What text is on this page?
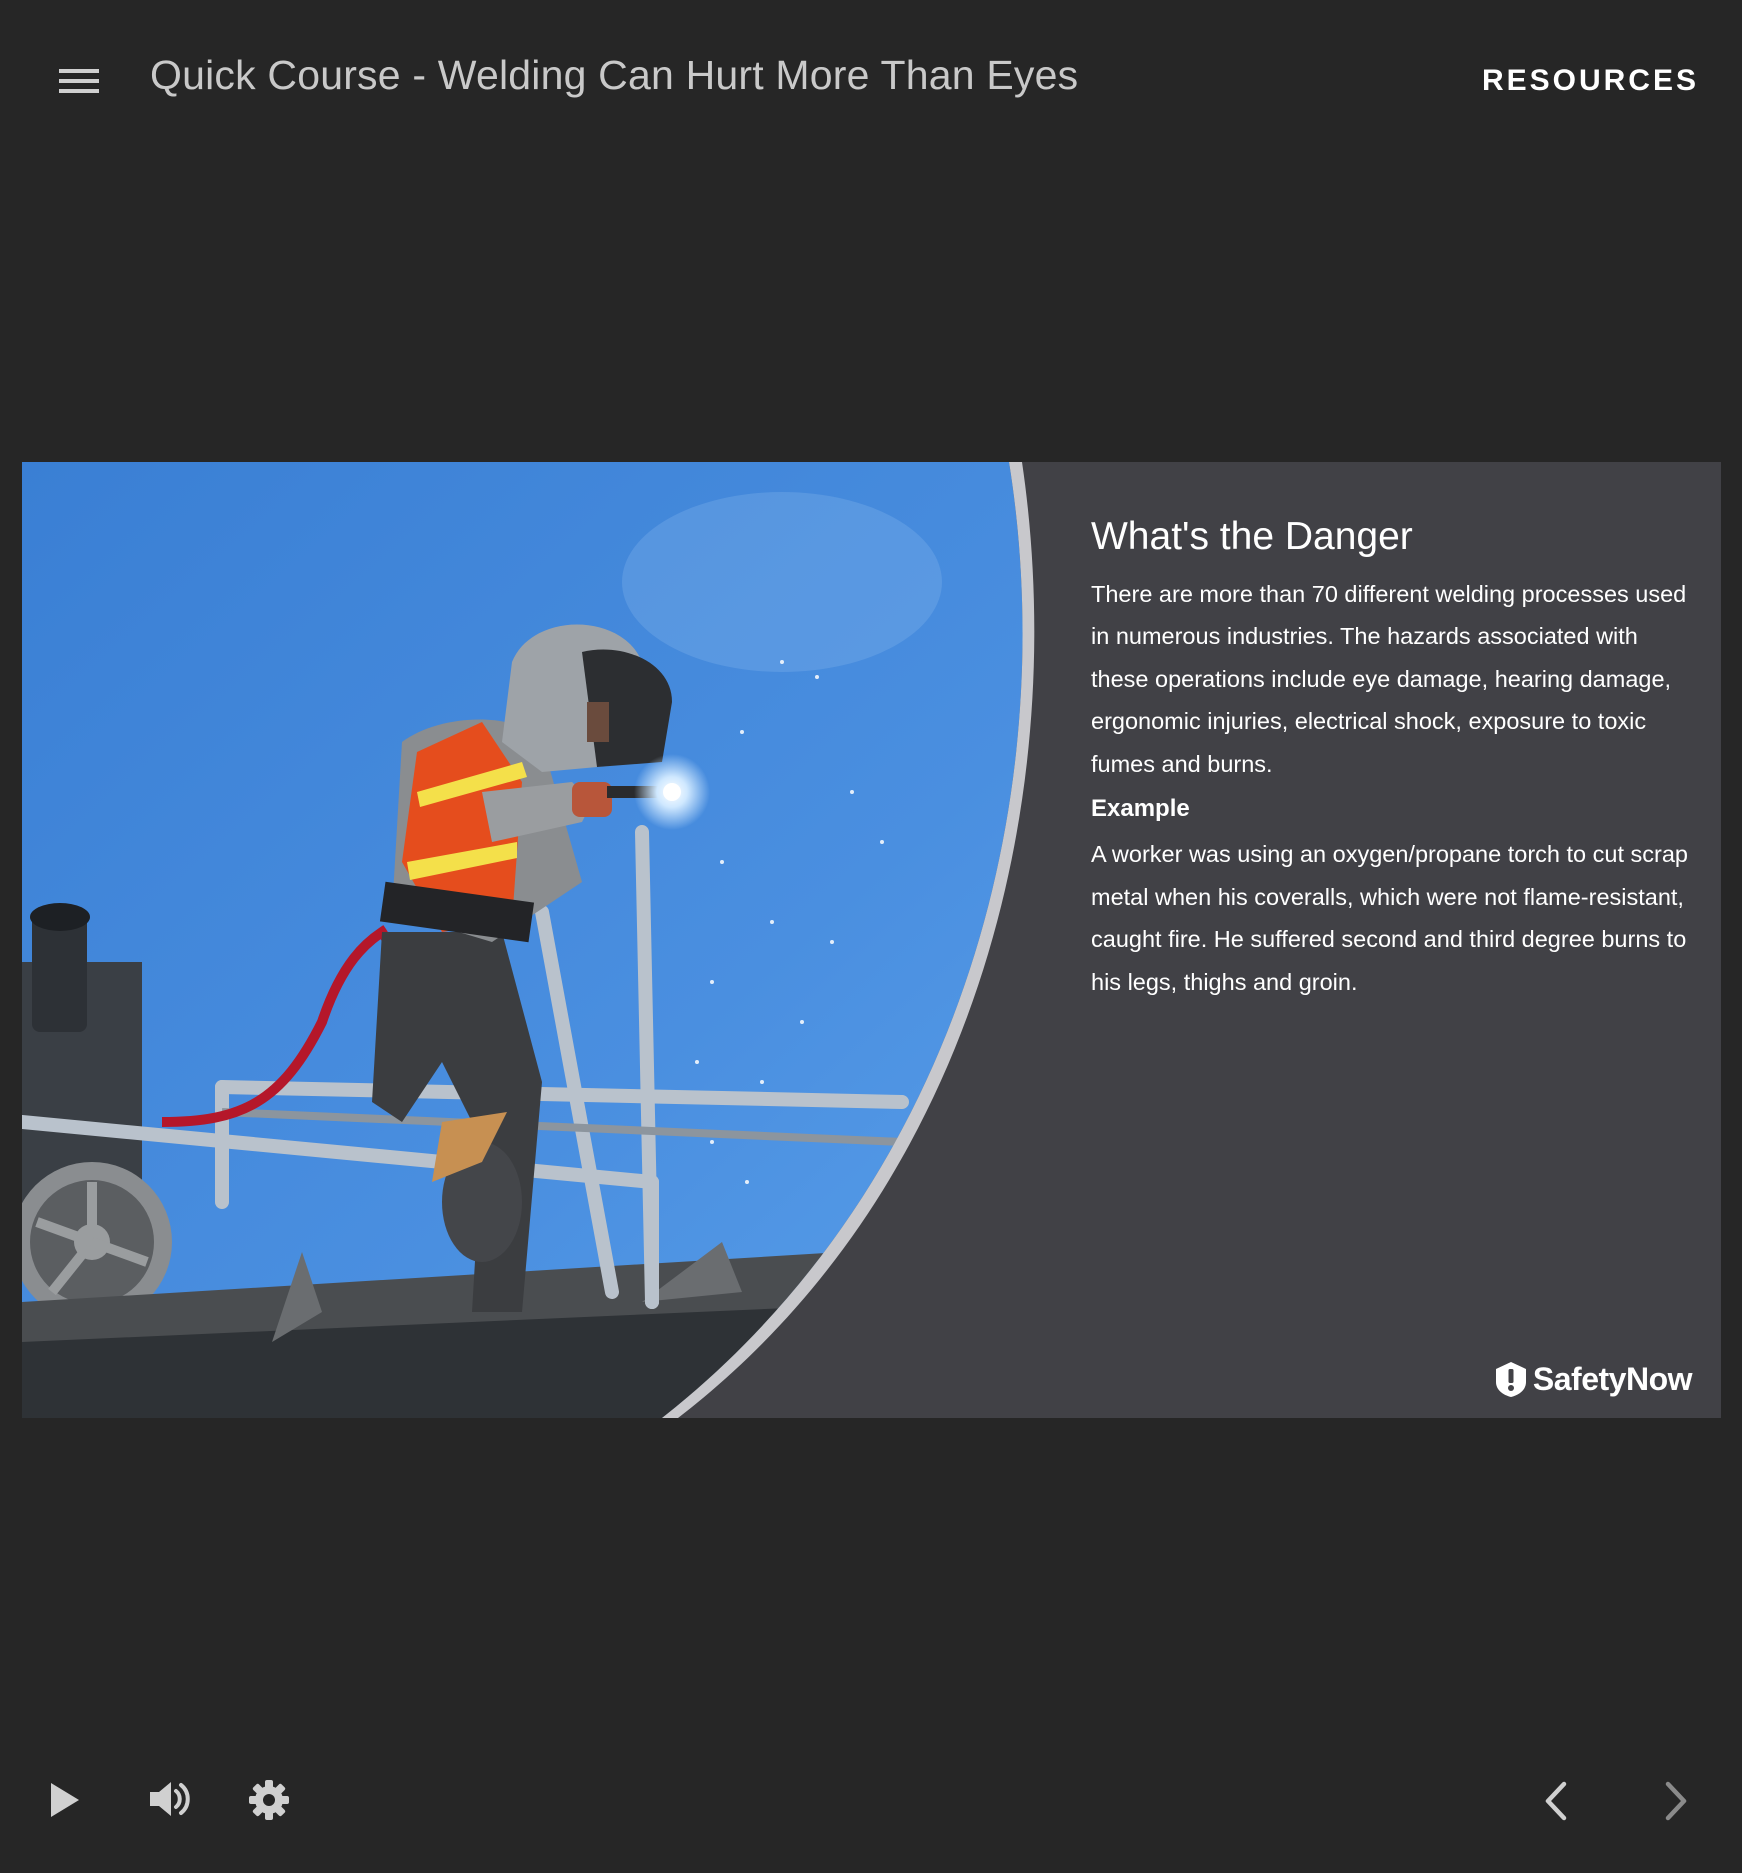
Quick Course - Welding Can Hurt More Than Eyes	RESOURCES
What's the Danger

There are more than 70 different welding processes used in numerous industries. The hazards associated with these operations include eye damage, hearing damage, ergonomic injuries, electrical shock, exposure to toxic fumes and burns.

Example

A worker was using an oxygen/propane torch to cut scrap metal when his coveralls, which were not flame-resistant, caught fire. He suffered second and third degree burns to his legs, thighs and groin.

SafetyNow
